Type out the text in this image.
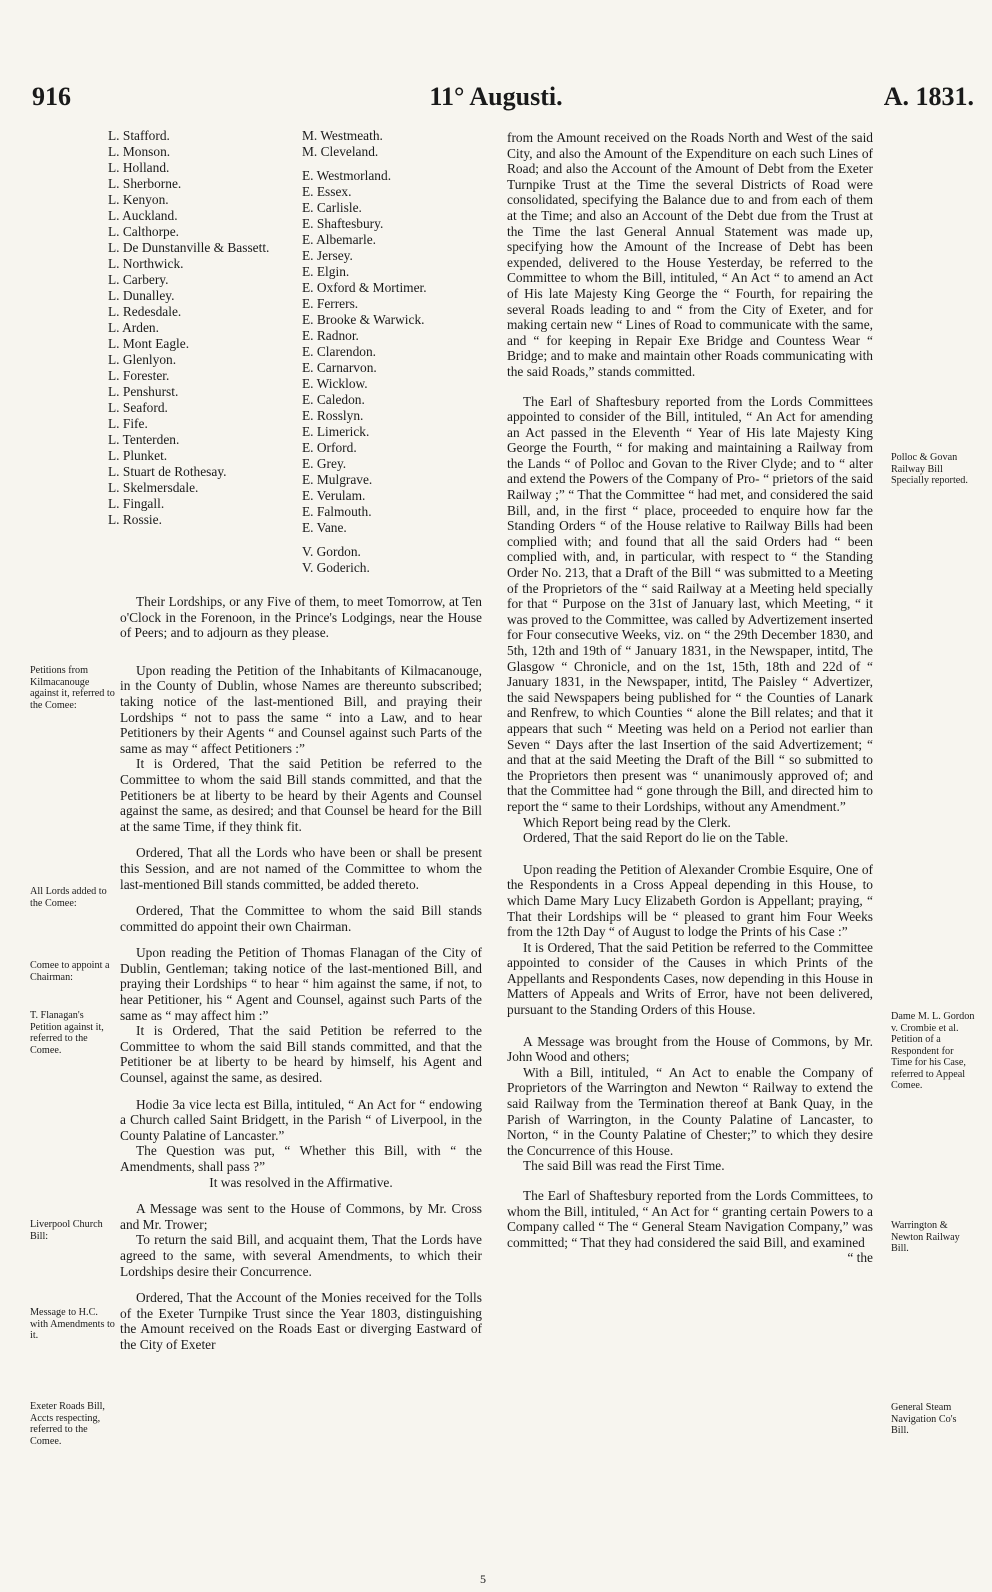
916	11° Augusti.	A. 1831.
L. Stafford.
L. Monson.
L. Holland.
L. Sherborne.
L. Kenyon.
L. Auckland.
L. Calthorpe.
L. De Dunstanville & Bassett.
L. Northwick.
L. Carbery.
L. Dunalley.
L. Redesdale.
L. Arden.
L. Mont Eagle.
L. Glenlyon.
L. Forester.
L. Penshurst.
L. Seaford.
L. Fife.
L. Tenterden.
L. Plunket.
L. Stuart de Rothesay.
L. Skelmersdale.
L. Fingall.
L. Rossie.
M. Westmeath.
M. Cleveland.
E. Westmorland.
E. Essex.
E. Carlisle.
E. Shaftesbury.
E. Albemarle.
E. Jersey.
E. Elgin.
E. Oxford & Mortimer.
E. Ferrers.
E. Brooke & Warwick.
E. Radnor.
E. Clarendon.
E. Carnarvon.
E. Wicklow.
E. Caledon.
E. Rosslyn.
E. Limerick.
E. Orford.
E. Grey.
E. Mulgrave.
E. Verulam.
E. Falmouth.
E. Vane.
V. Gordon.
V. Goderich.

Their Lordships, or any Five of them, to meet Tomorrow, at Ten o'Clock in the Forenoon, in the Prince's Lodgings, near the House of Peers; and to adjourn as they please.

Upon reading the Petition of the Inhabitants of Kilmacanouge, in the County of Dublin, whose Names are thereunto subscribed; taking notice of the last-mentioned Bill, and praying their Lordships “ not to pass the same “ into a Law, and to hear Petitioners by their Agents “ and Counsel against such Parts of the same as may “ affect Petitioners :”

It is Ordered, That the said Petition be referred to the Committee to whom the said Bill stands committed, and that the Petitioners be at liberty to be heard by their Agents and Counsel against the same, as desired; and that Counsel be heard for the Bill at the same Time, if they think fit.

Ordered, That all the Lords who have been or shall be present this Session, and are not named of the Committee to whom the last-mentioned Bill stands committed, be added thereto.

Ordered, That the Committee to whom the said Bill stands committed do appoint their own Chairman.

Upon reading the Petition of Thomas Flanagan of the City of Dublin, Gentleman; taking notice of the last-mentioned Bill, and praying their Lordships “ to hear “ him against the same, if not, to hear Petitioner, his “ Agent and Counsel, against such Parts of the same as “ may affect him :”

It is Ordered, That the said Petition be referred to the Committee to whom the said Bill stands committed, and that the Petitioner be at liberty to be heard by himself, his Agent and Counsel, against the same, as desired.

Hodie 3a vice lecta est Billa, intituled, “ An Act for “ endowing a Church called Saint Bridgett, in the Parish “ of Liverpool, in the County Palatine of Lancaster.”

The Question was put, “ Whether this Bill, with “ the Amendments, shall pass ?”

It was resolved in the Affirmative.

A Message was sent to the House of Commons, by Mr. Cross and Mr. Trower;

To return the said Bill, and acquaint them, That the Lords have agreed to the same, with several Amendments, to which their Lordships desire their Concurrence.

Ordered, That the Account of the Monies received for the Tolls of the Exeter Turnpike Trust since the Year 1803, distinguishing the Amount received on the Roads East or diverging Eastward of the City of Exeter

5

from the Amount received on the Roads North and West of the said City, and also the Amount of the Expenditure on each such Lines of Road; and also the Account of the Amount of Debt from the Exeter Turnpike Trust at the Time the several Districts of Road were consolidated, specifying the Balance due to and from each of them at the Time; and also an Account of the Debt due from the Trust at the Time the last General Annual Statement was made up, specifying how the Amount of the Increase of Debt has been expended, delivered to the House Yesterday, be referred to the Committee to whom the Bill, intituled, “ An Act “ to amend an Act of His late Majesty King George the “ Fourth, for repairing the several Roads leading to and “ from the City of Exeter, and for making certain new “ Lines of Road to communicate with the same, and “ for keeping in Repair Exe Bridge and Countess Wear “ Bridge; and to make and maintain other Roads communicating with the said Roads,” stands committed.

The Earl of Shaftesbury reported from the Lords Committees appointed to consider of the Bill, intituled, “ An Act for amending an Act passed in the Eleventh “ Year of His late Majesty King George the Fourth, “ for making and maintaining a Railway from the Lands “ of Polloc and Govan to the River Clyde; and to “ alter and extend the Powers of the Company of Pro- “ prietors of the said Railway ;” “ That the Committee “ had met, and considered the said Bill, and, in the first “ place, proceeded to enquire how far the Standing Orders “ of the House relative to Railway Bills had been complied with; and found that all the said Orders had “ been complied with, and, in particular, with respect to “ the Standing Order No. 213, that a Draft of the Bill “ was submitted to a Meeting of the Proprietors of the “ said Railway at a Meeting held specially for that “ Purpose on the 31st of January last, which Meeting, “ it was proved to the Committee, was called by Advertizement inserted for Four consecutive Weeks, viz. on “ the 29th December 1830, and 5th, 12th and 19th of “ January 1831, in the Newspaper, intitd, The Glasgow “ Chronicle, and on the 1st, 15th, 18th and 22d of “ January 1831, in the Newspaper, intitd, The Paisley “ Advertizer, the said Newspapers being published for “ the Counties of Lanark and Renfrew, to which Counties “ alone the Bill relates; and that it appears that such “ Meeting was held on a Period not earlier than Seven “ Days after the last Insertion of the said Advertizement; “ and that at the said Meeting the Draft of the Bill “ so submitted to the Proprietors then present was “ unanimously approved of; and that the Committee had “ gone through the Bill, and directed him to report the “ same to their Lordships, without any Amendment.”

Which Report being read by the Clerk.

Ordered, That the said Report do lie on the Table.

Upon reading the Petition of Alexander Crombie Esquire, One of the Respondents in a Cross Appeal depending in this House, to which Dame Mary Lucy Elizabeth Gordon is Appellant; praying, “ That their Lordships will be “ pleased to grant him Four Weeks from the 12th Day “ of August to lodge the Prints of his Case :”

It is Ordered, That the said Petition be referred to the Committee appointed to consider of the Causes in which Prints of the Appellants and Respondents Cases, now depending in this House in Matters of Appeals and Writs of Error, have not been delivered, pursuant to the Standing Orders of this House.

A Message was brought from the House of Commons, by Mr. John Wood and others;

With a Bill, intituled, “ An Act to enable the Company of Proprietors of the Warrington and Newton “ Railway to extend the said Railway from the Termination thereof at Bank Quay, in the Parish of Warrington, in the County Palatine of Lancaster, to Norton, “ in the County Palatine of Chester;” to which they desire the Concurrence of this House.

The said Bill was read the First Time.

The Earl of Shaftesbury reported from the Lords Committees, to whom the Bill, intituled, “ An Act for “ granting certain Powers to a Company called “ The “ General Steam Navigation Company,” was committed; “ That they had considered the said Bill, and examined

“ the

Petitions from Kilmacanouge against it, referred to the Comee:
All Lords added to the Comee:
Comee to appoint a Chairman:
T. Flanagan's Petition against it, referred to the Comee.
Liverpool Church Bill:
Message to H.C. with Amendments to it.
Exeter Roads Bill, Accts respecting, referred to the Comee.
Polloc & Govan Railway Bill Specially reported.
Dame M. L. Gordon v. Crombie et al. Petition of a Respondent for Time for his Case, referred to Appeal Comee.
Warrington & Newton Railway Bill.
General Steam Navigation Co's Bill.
